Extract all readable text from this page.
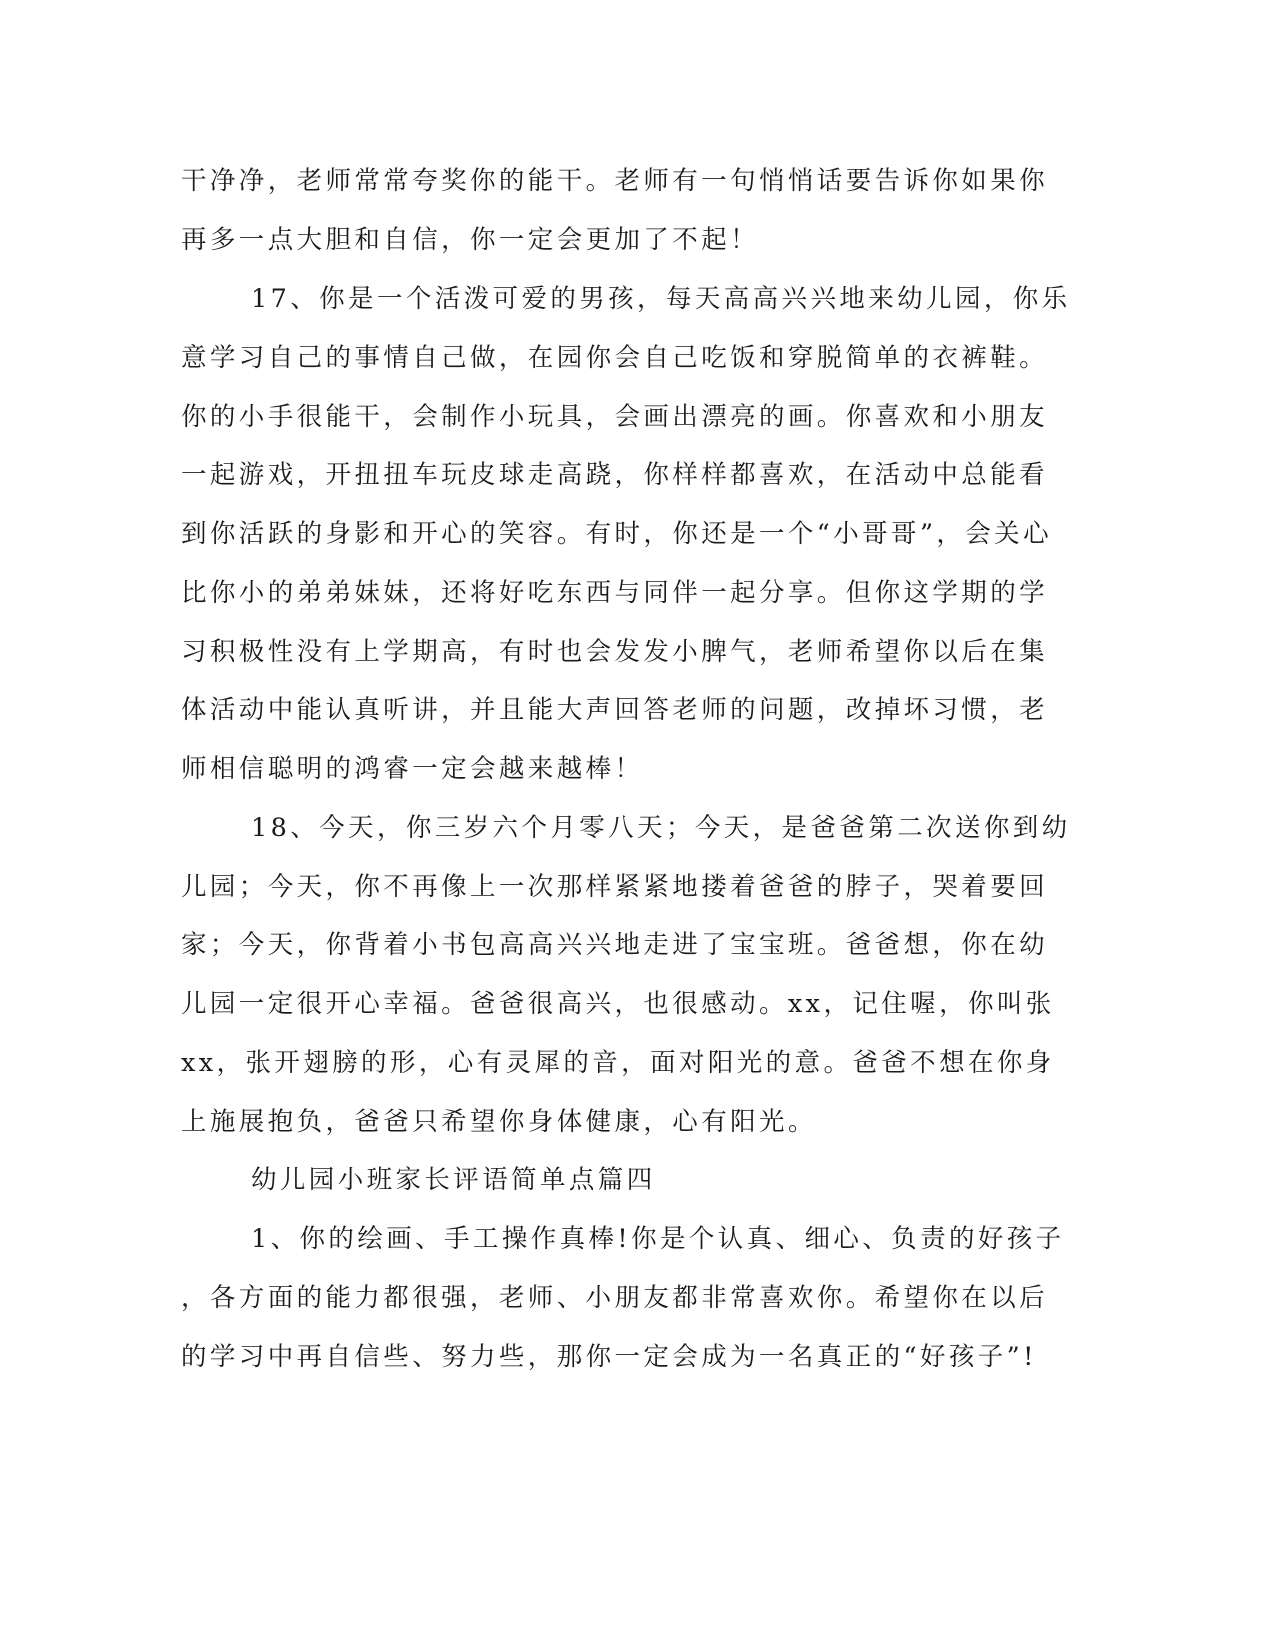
干净净，老师常常夸奖你的能干。老师有一句悄悄话要告诉你如果你
再多一点大胆和自信，你一定会更加了不起！
17、你是一个活泼可爱的男孩，每天高高兴兴地来幼儿园，你乐
意学习自己的事情自己做，在园你会自己吃饭和穿脱简单的衣裤鞋。
你的小手很能干，会制作小玩具，会画出漂亮的画。你喜欢和小朋友
一起游戏，开扭扭车玩皮球走高跷，你样样都喜欢，在活动中总能看
到你活跃的身影和开心的笑容。有时，你还是一个“小哥哥”，会关心
比你小的弟弟妹妹，还将好吃东西与同伴一起分享。但你这学期的学
习积极性没有上学期高，有时也会发发小脾气，老师希望你以后在集
体活动中能认真听讲，并且能大声回答老师的问题，改掉坏习惯，老
师相信聪明的鸿睿一定会越来越棒！
18、今天，你三岁六个月零八天；今天，是爸爸第二次送你到幼
儿园；今天，你不再像上一次那样紧紧地搂着爸爸的脖子，哭着要回
家；今天，你背着小书包高高兴兴地走进了宝宝班。爸爸想，你在幼
儿园一定很开心幸福。爸爸很高兴，也很感动。xx，记住喔，你叫张
xx，张开翅膀的形，心有灵犀的音，面对阳光的意。爸爸不想在你身
上施展抱负，爸爸只希望你身体健康，心有阳光。
幼儿园小班家长评语简单点篇四
1、你的绘画、手工操作真棒!你是个认真、细心、负责的好孩子
，各方面的能力都很强，老师、小朋友都非常喜欢你。希望你在以后
的学习中再自信些、努力些，那你一定会成为一名真正的“好孩子”!
